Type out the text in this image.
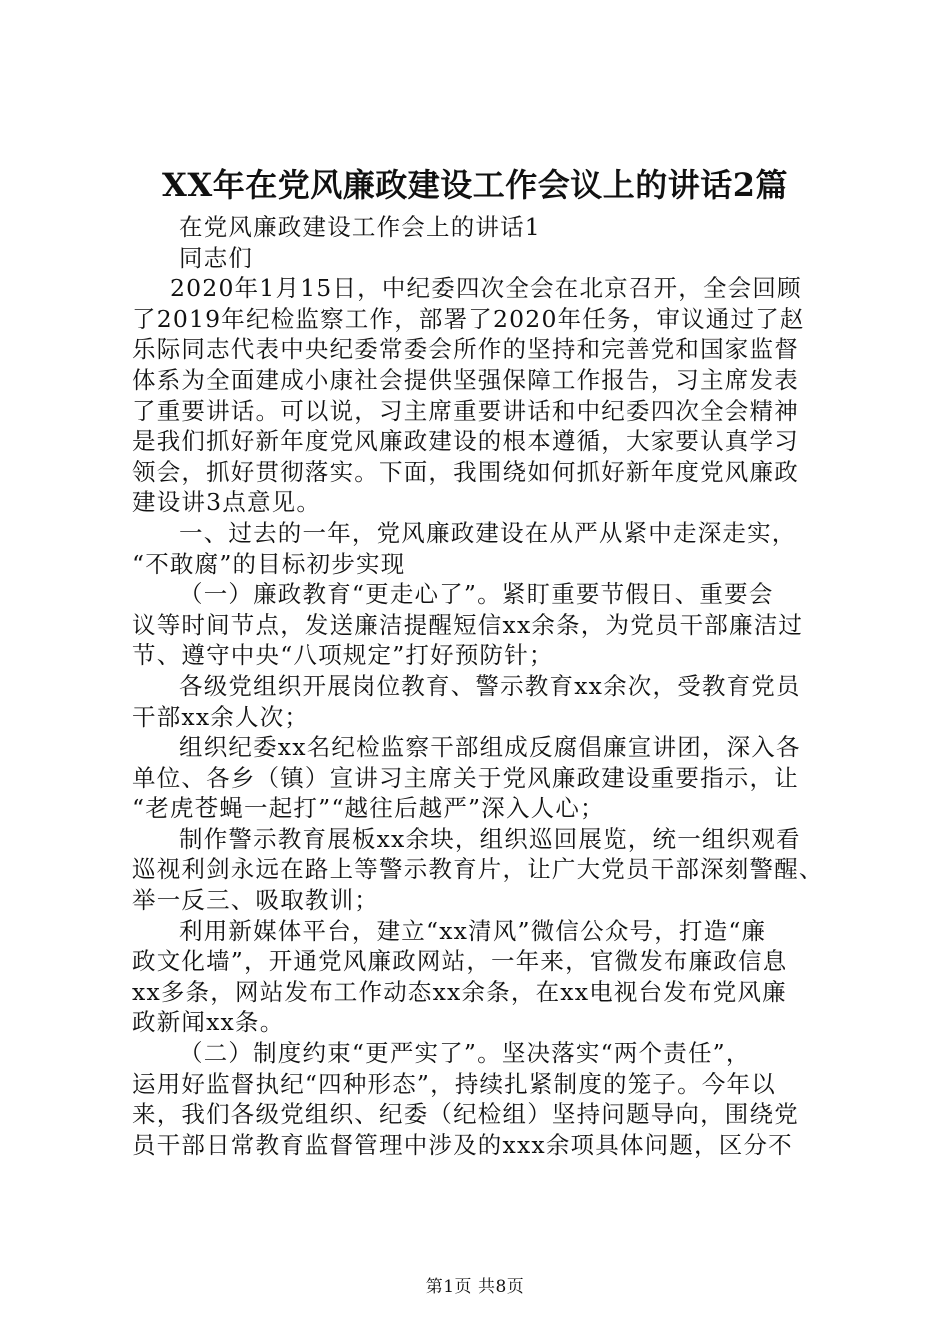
XX年在党风廉政建设工作会议上的讲话2篇

在党风廉政建设工作会上的讲话1

同志们

2020年1月15日，中纪委四次全会在北京召开，全会回顾

了2019年纪检监察工作，部署了2020年任务，审议通过了赵

乐际同志代表中央纪委常委会所作的坚持和完善党和国家监督

体系为全面建成小康社会提供坚强保障工作报告，习主席发表

了重要讲话。可以说，习主席重要讲话和中纪委四次全会精神

是我们抓好新年度党风廉政建设的根本遵循，大家要认真学习

领会，抓好贯彻落实。下面，我围绕如何抓好新年度党风廉政

建设讲3点意见。

一、过去的一年，党风廉政建设在从严从紧中走深走实，

“不敢腐”的目标初步实现

（一）廉政教育“更走心了”。紧盯重要节假日、重要会

议等时间节点，发送廉洁提醒短信xx余条，为党员干部廉洁过

节、遵守中央“八项规定”打好预防针；

各级党组织开展岗位教育、警示教育xx余次，受教育党员

干部xx余人次；

组织纪委xx名纪检监察干部组成反腐倡廉宣讲团，深入各

单位、各乡（镇）宣讲习主席关于党风廉政建设重要指示，让

“老虎苍蝇一起打”“越往后越严”深入人心；

制作警示教育展板xx余块，组织巡回展览，统一组织观看

巡视利剑永远在路上等警示教育片，让广大党员干部深刻警醒、

举一反三、吸取教训；

利用新媒体平台，建立“xx清风”微信公众号，打造“廉

政文化墙”，开通党风廉政网站，一年来，官微发布廉政信息

xx多条，网站发布工作动态xx余条，在xx电视台发布党风廉

政新闻xx条。

（二）制度约束“更严实了”。坚决落实“两个责任”，

运用好监督执纪“四种形态”，持续扎紧制度的笼子。今年以

来，我们各级党组织、纪委（纪检组）坚持问题导向，围绕党

员干部日常教育监督管理中涉及的xxx余项具体问题，区分不

第1页 共8页
